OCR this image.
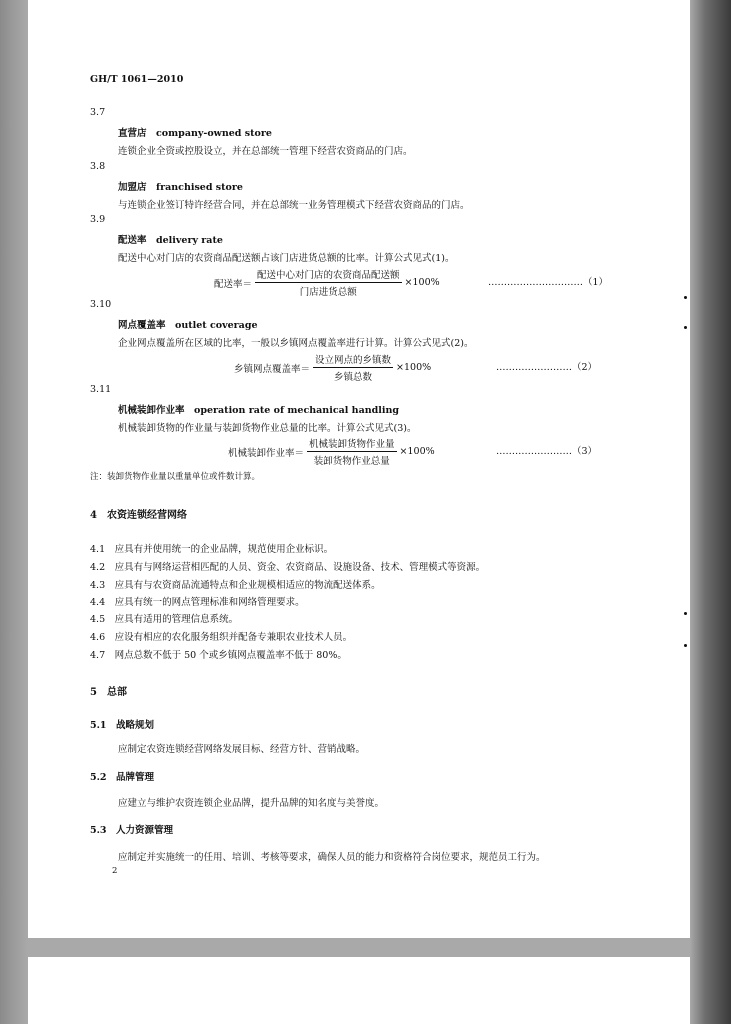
GH/T 1061—2010
3.7
直营店　company-owned store
连锁企业全资或控股设立，并在总部统一管理下经营农资商品的门店。
3.8
加盟店　franchised store
与连锁企业签订特许经营合同，并在总部统一业务管理模式下经营农资商品的门店。
3.9
配送率　delivery rate
配送中心对门店的农资商品配送额占该门店进货总额的比率。计算公式见式(1)。
配送率＝ $\frac{\text{配送中心对门店的农资商品配送额}}{\text{门店进货总额}} \times 100\%$	…………………………（1）
3.10
网点覆盖率　outlet coverage
企业网点覆盖所在区域的比率，一般以乡镇网点覆盖率进行计算。计算公式见式(2)。
乡镇网点覆盖率＝ $\frac{\text{设立网点的乡镇数}}{\text{乡镇总数}} \times 100\%$	……………………（2）
3.11
机械装卸作业率　operation rate of mechanical handling
机械装卸货物的作业量与装卸货物作业总量的比率。计算公式见式(3)。
机械装卸作业率＝ $\frac{\text{机械装卸货物作业量}}{\text{装卸货物作业总量}} \times 100\%$	……………………（3）
注：装卸货物作业量以重量单位或件数计算。
4　农资连锁经营网络
4.1　应具有并使用统一的企业品牌，规范使用企业标识。
4.2　应具有与网络运营相匹配的人员、资金、农资商品、设施设备、技术、管理模式等资源。
4.3　应具有与农资商品流通特点和企业规模相适应的物流配送体系。
4.4　应具有统一的网点管理标准和网络管理要求。
4.5　应具有适用的管理信息系统。
4.6　应设有相应的农化服务组织并配备专兼职农业技术人员。
4.7　网点总数不低于 50 个或乡镇网点覆盖率不低于 80%。
5　总部
5.1　战略规划
应制定农资连锁经营网络发展目标、经营方针、营销战略。
5.2　品牌管理
应建立与维护农资连锁企业品牌，提升品牌的知名度与美誉度。
5.3　人力资源管理
应制定并实施统一的任用、培训、考核等要求，确保人员的能力和资格符合岗位要求，规范员工行为。
2
